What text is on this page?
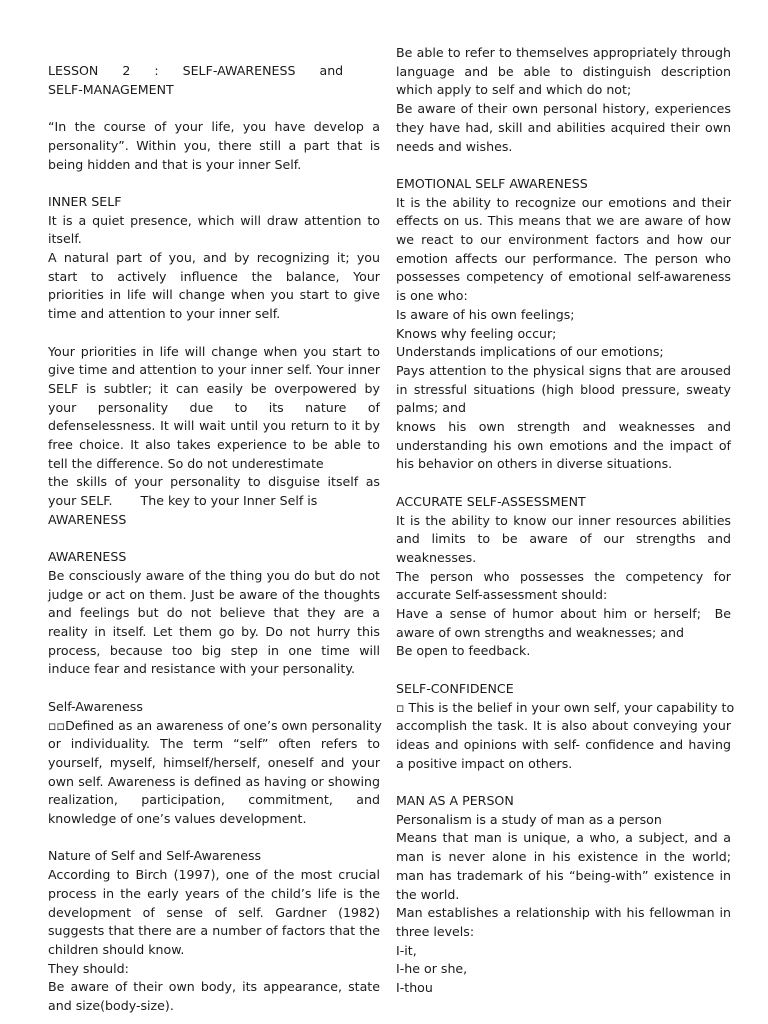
LESSON      2      :      SELF-AWARENESS      and
SELF-MANAGEMENT

“In the course of your life, you have develop a personality”. Within you, there still a part that is being hidden and that is your inner Self.

INNER SELF

It is a quiet presence, which will draw attention to itself.

A natural part of you, and by recognizing it; you start to actively influence the balance, Your priorities in life will change when you start to give time and attention to your inner self.

Your priorities in life will change when you start to give time and attention to your inner self. Your inner SELF is subtler; it can easily be overpowered by your personality due to its nature of defenselessness. It will wait until you return to it by free choice. It also takes experience to be able to tell the difference. So do not underestimate

the skills of your personality to disguise itself as
your SELF.       The key to your Inner Self is
AWARENESS

AWARENESS

Be consciously aware of the thing you do but do not judge or act on them. Just be aware of the thoughts and feelings but do not believe that they are a reality in itself. Let them go by. Do not hurry this process, because too big step in one time will induce fear and resistance with your personality.

Self-Awareness

▫▫Defined as an awareness of one’s own personality

or individuality. The term “self” often refers to yourself, myself, himself/herself, oneself and your own self. Awareness is defined as having or showing realization, participation, commitment, and knowledge of one’s values development.

Nature of Self and Self-Awareness

According to Birch (1997), one of the most crucial process in the early years of the child’s life is the development of sense of self. Gardner (1982) suggests that there are a number of factors that the children should know.

They should:

Be aware of their own body, its appearance, state and size(body-size).

Be able to refer to themselves appropriately through language and be able to distinguish description which apply to self and which do not;

Be aware of their own personal history, experiences they have had, skill and abilities acquired their own needs and wishes.

EMOTIONAL SELF AWARENESS

It is the ability to recognize our emotions and their effects on us. This means that we are aware of how we react to our environment factors and how our emotion affects our performance. The person who possesses competency of emotional self-awareness is one who:

Is aware of his own feelings;

Knows why feeling occur;

Understands implications of our emotions;

Pays attention to the physical signs that are aroused in stressful situations (high blood pressure, sweaty palms; and

knows his own strength and weaknesses and understanding his own emotions and the impact of his behavior on others in diverse situations.

ACCURATE SELF-ASSESSMENT

It is the ability to know our inner resources abilities and limits to be aware of our strengths and weaknesses.

The person who possesses the competency for accurate Self-assessment should:

Have a sense of humor about him or herself;  Be
aware of own strengths and weaknesses; and

Be open to feedback.

SELF-CONFIDENCE

▫ This is the belief in your own self, your capability to

accomplish the task. It is also about conveying your ideas and opinions with self- confidence and having a positive impact on others.

MAN AS A PERSON

Personalism is a study of man as a person

Means that man is unique, a who, a subject, and a man is never alone in his existence in the world; man has trademark of his “being-with” existence in the world.

Man establishes a relationship with his fellowman in three levels:

I-it,

I-he or she,

I-thou
